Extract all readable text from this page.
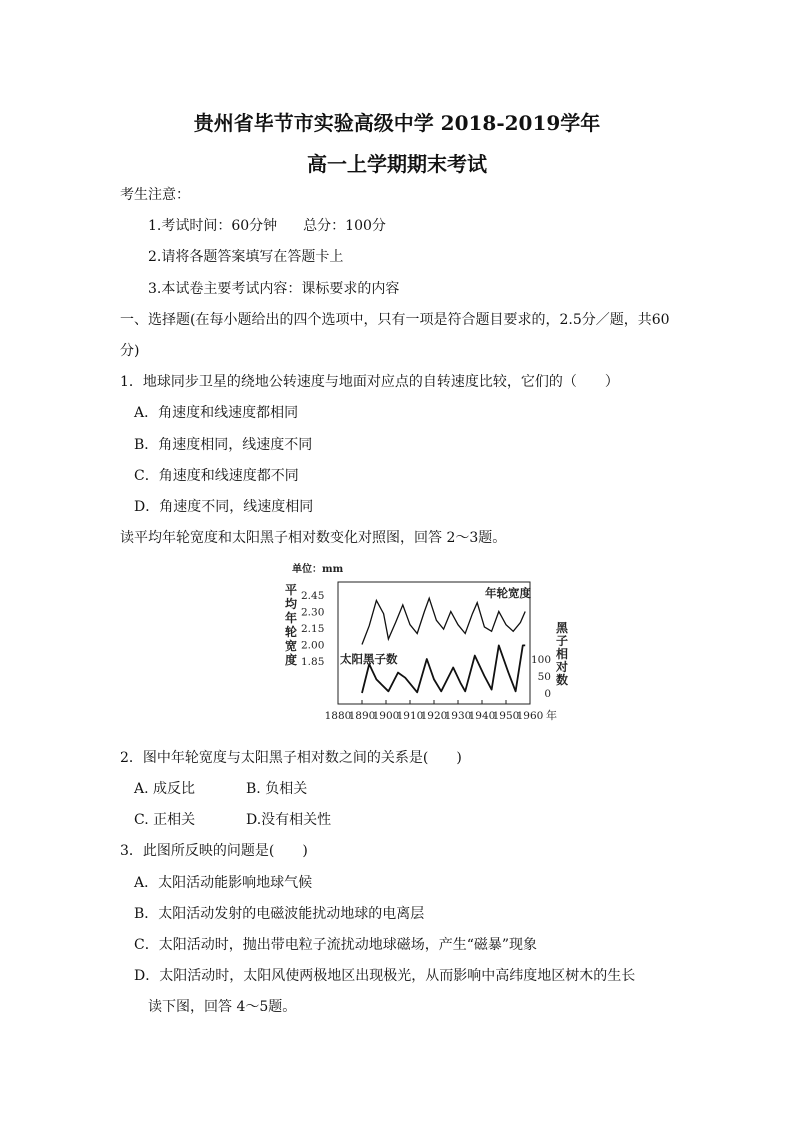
贵州省毕节市实验高级中学 2018-2019学年
高一上学期期末考试
考生注意：
1.考试时间：60分钟 总分：100分
2.请将各题答案填写在答题卡上
3.本试卷主要考试内容：课标要求的内容
一、选择题(在每小题给出的四个选项中，只有一项是符合题目要求的，2.5分／题，共60
分)
1．地球同步卫星的绕地公转速度与地面对应点的自转速度比较，它们的（　　）
A．角速度和线速度都相同
B．角速度相同，线速度不同
C．角速度和线速度都不同
D．角速度不同，线速度相同
读平均年轮宽度和太阳黑子相对数变化对照图，回答 2～3题。
单位：mm
平
均
年
轮
宽
度
黑
子
相
对
数
2.45
2.30
2.15
2.00
1.85	100
50
0
1880
1890
1900
1910
1920
1930
1940
1950
1960 年
年轮宽度
太阳黑子数
2．图中年轮宽度与太阳黑子相对数之间的关系是(　　)
A. 成反比	B. 负相关
C. 正相关	D.没有相关性
3．此图所反映的问题是(　　)
A．太阳活动能影响地球气候
B．太阳活动发射的电磁波能扰动地球的电离层
C．太阳活动时，抛出带电粒子流扰动地球磁场，产生“磁暴”现象
D．太阳活动时，太阳风使两极地区出现极光，从而影响中高纬度地区树木的生长
读下图，回答 4～5题。
